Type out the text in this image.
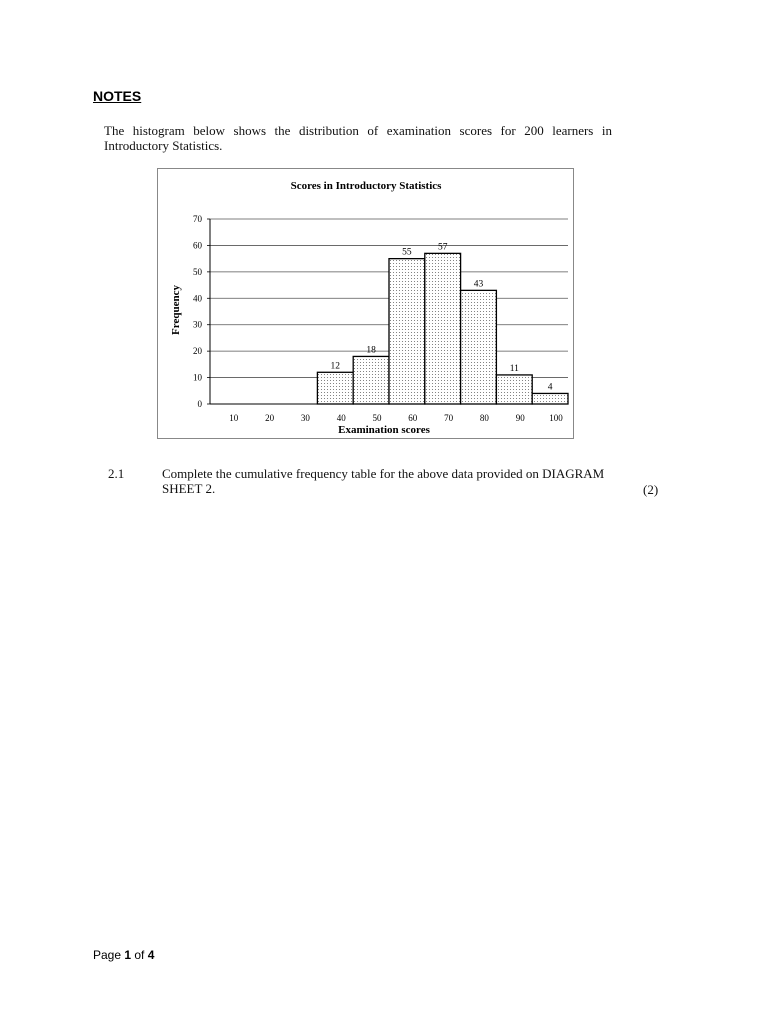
NOTES
The histogram below shows the distribution of examination scores for 200 learners in Introductory Statistics.
Scores in Introductory Statistics
0
10
20
30
40
50
60
70
12
18
55
57
43
11
4
10	20	30	40	50	60	70	80	90	100
Examination scores
Frequency
2.1	Complete the cumulative frequency table for the above data provided on DIAGRAM SHEET 2.	(2)
Page 1 of 4
